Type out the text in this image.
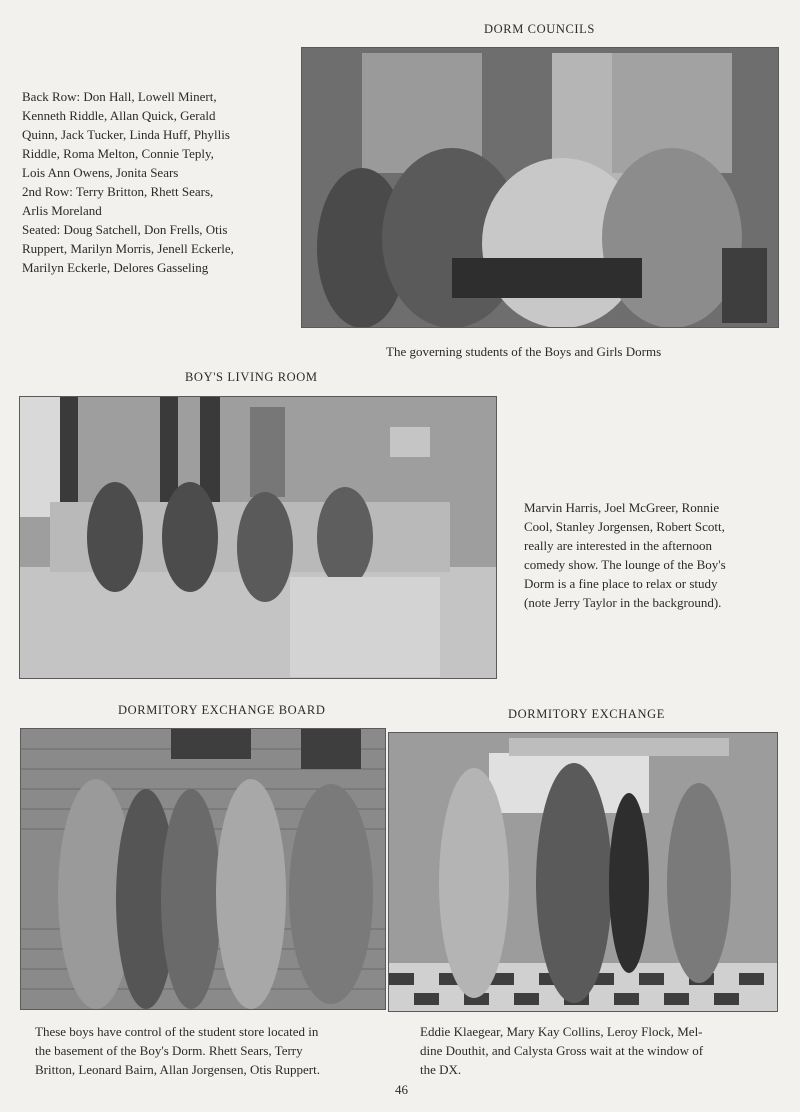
DORM COUNCILS
Back Row: Don Hall, Lowell Minert,
Kenneth Riddle, Allan Quick, Gerald
Quinn, Jack Tucker, Linda Huff, Phyllis
Riddle, Roma Melton, Connie Teply,
Lois Ann Owens, Jonita Sears
2nd Row: Terry Britton, Rhett Sears,
Arlis Moreland
Seated: Doug Satchell, Don Frells, Otis
Ruppert, Marilyn Morris, Jenell Eckerle,
Marilyn Eckerle, Delores Gasseling
The governing students of the Boys and Girls Dorms
BOY'S LIVING ROOM
Marvin Harris, Joel McGreer, Ronnie
Cool, Stanley Jorgensen, Robert Scott,
really are interested in the afternoon
comedy show. The lounge of the Boy's
Dorm is a fine place to relax or study
(note Jerry Taylor in the background).
DORMITORY EXCHANGE BOARD
These boys have control of the student store located in
the basement of the Boy's Dorm. Rhett Sears, Terry
Britton, Leonard Bairn, Allan Jorgensen, Otis Ruppert.
DORMITORY EXCHANGE
Eddie Klaegear, Mary Kay Collins, Leroy Flock, Mel-
dine Douthit, and Calysta Gross wait at the window of
the DX.
46
